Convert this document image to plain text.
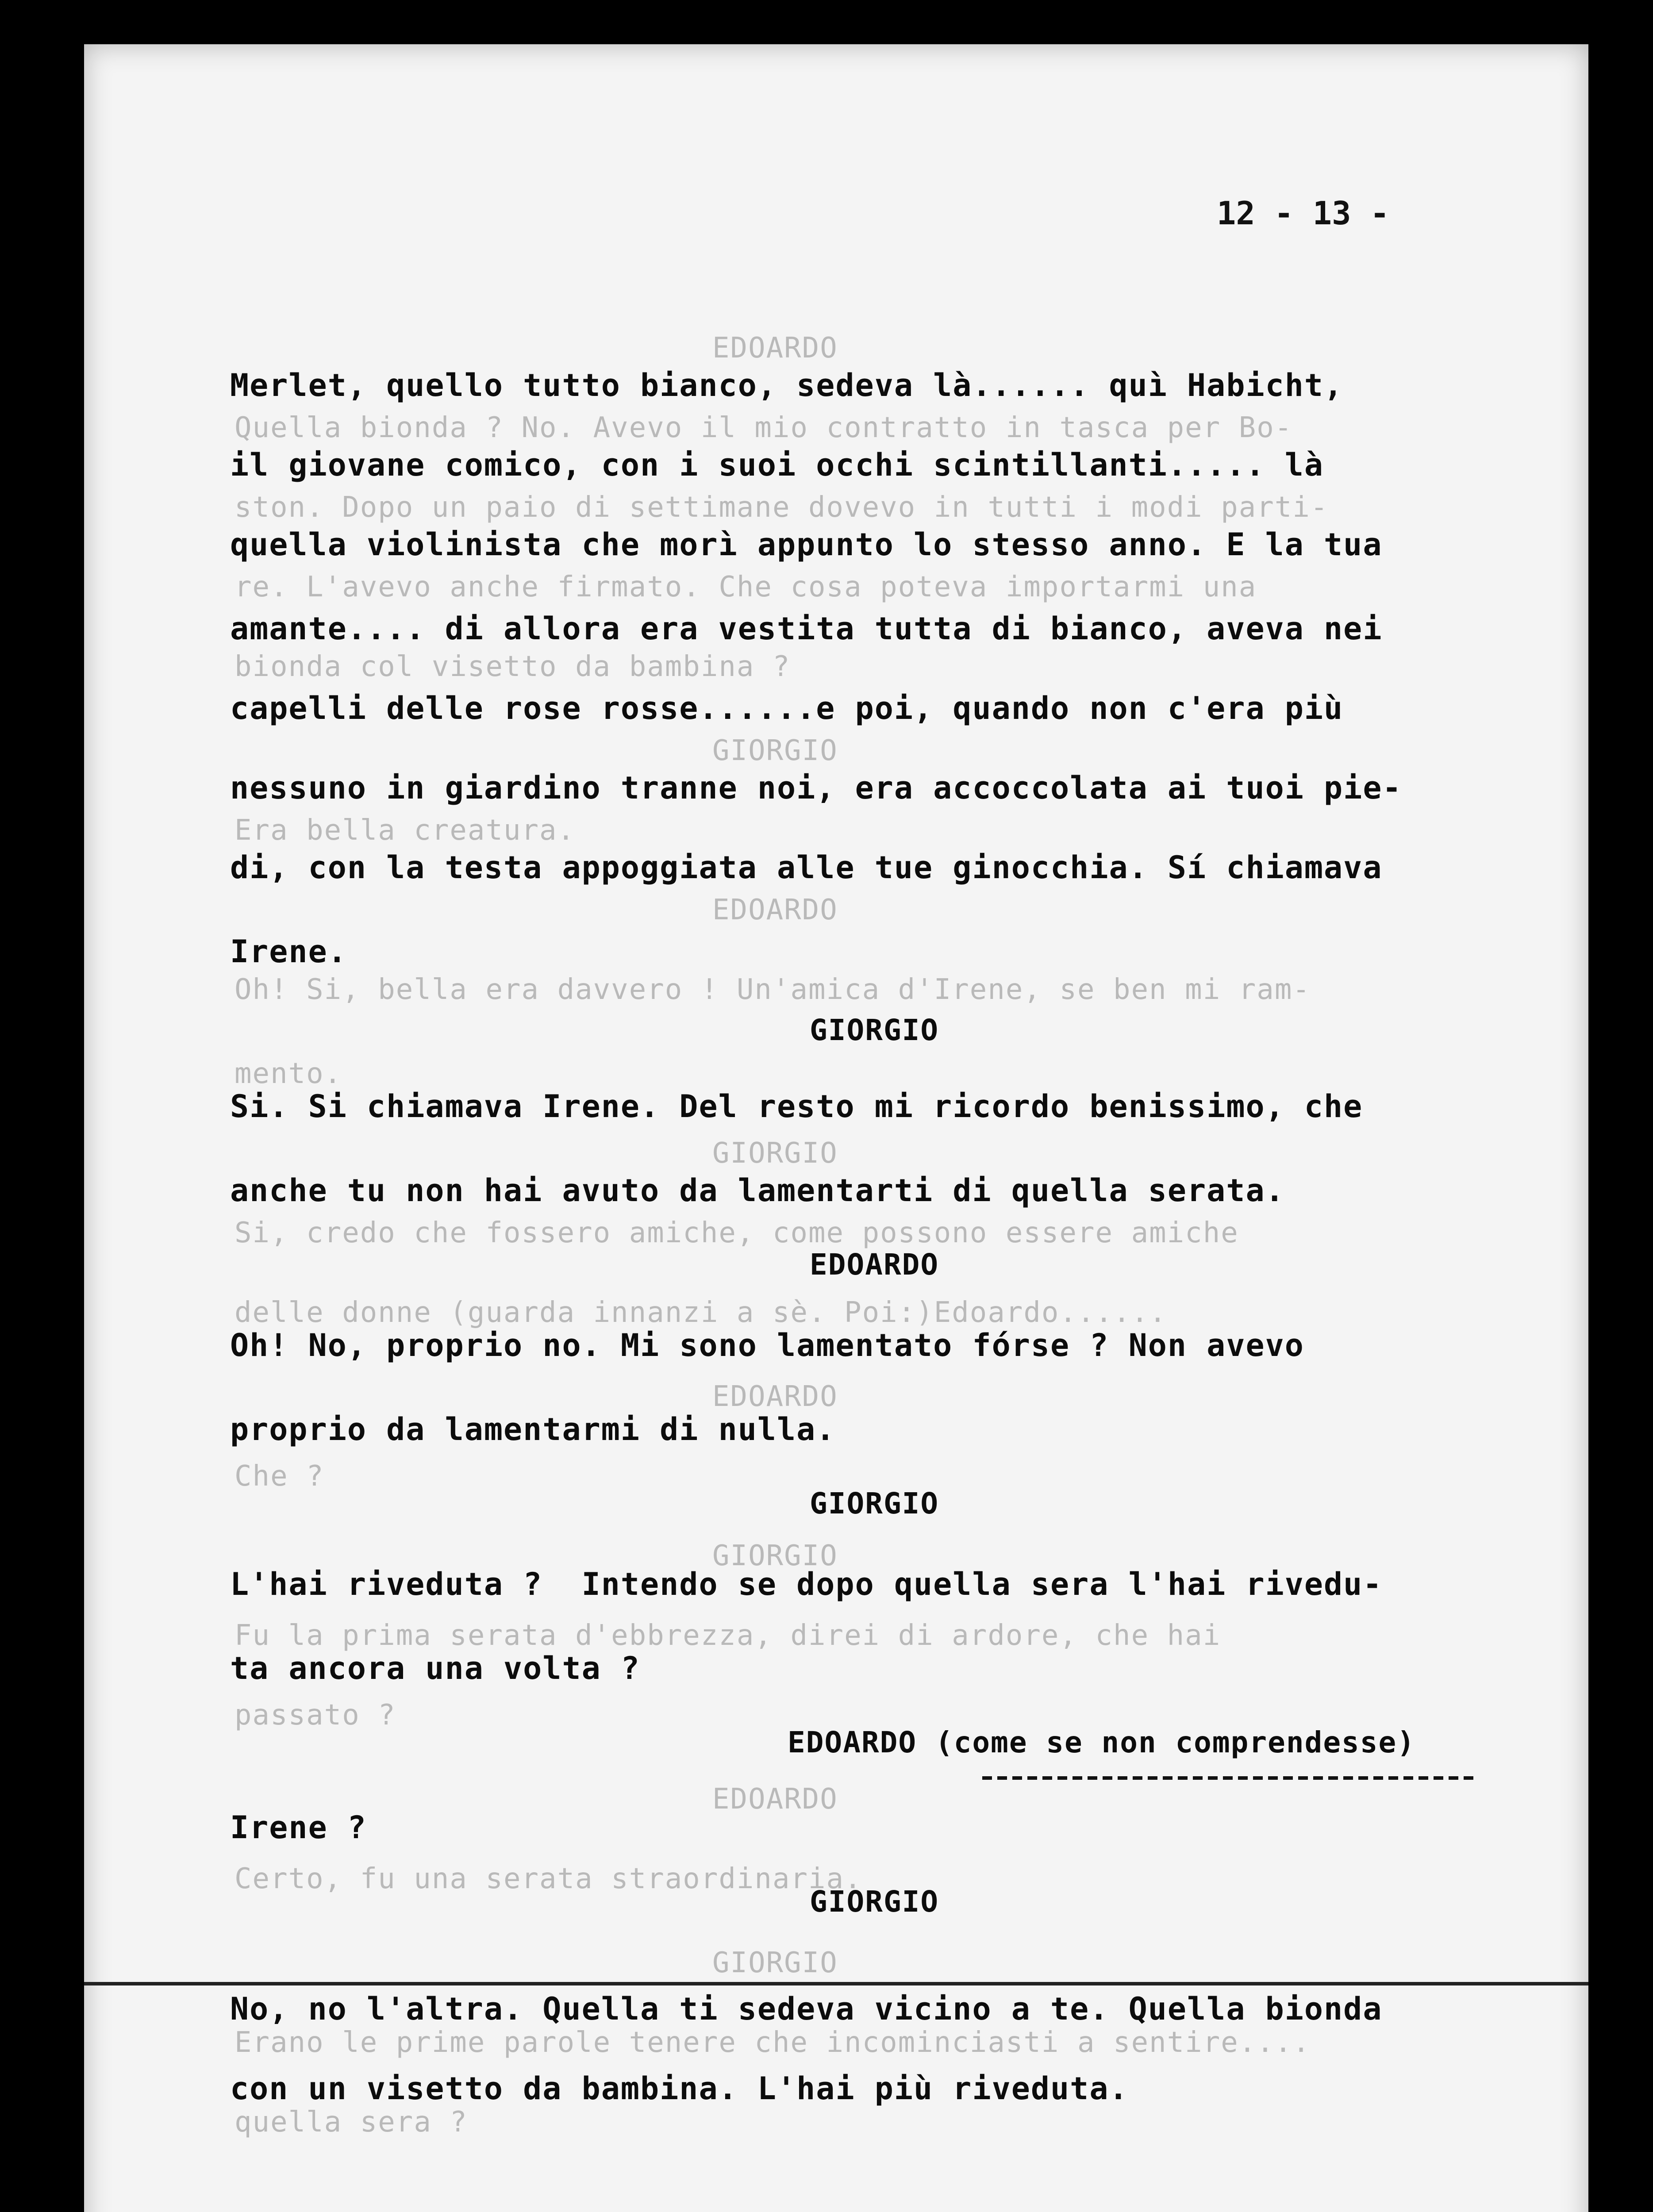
12 - 13 -
EDOARDO
Quella bionda ? No. Avevo il mio contratto in tasca per Bo-
ston. Dopo un paio di settimane dovevo in tutti i modi parti-
re. L'avevo anche firmato. Che cosa poteva importarmi una
bionda col visetto da bambina ?
GIORGIO
Era bella creatura.
EDOARDO
Oh! Si, bella era davvero ! Un'amica d'Irene, se ben mi ram-
mento.
GIORGIO
Si, credo che fossero amiche, come possono essere amiche
delle donne (guarda innanzi a sè. Poi:)Edoardo......
EDOARDO
Che ?
GIORGIO
Fu la prima serata d'ebbrezza, direi di ardore, che hai
passato ?
EDOARDO
Certo, fu una serata straordinaria.
GIORGIO
Erano le prime parole tenere che incominciasti a sentire....
quella sera ?
Merlet, quello tutto bianco, sedeva là...... quì Habicht,
il giovane comico, con i suoi occhi scintillanti..... là
quella violinista che morì appunto lo stesso anno. E la tua
amante.... di allora era vestita tutta di bianco, aveva nei
capelli delle rose rosse......e poi, quando non c'era più
nessuno in giardino tranne noi, era accoccolata ai tuoi pie-
di, con la testa appoggiata alle tue ginocchia. Sí chiamava
Irene.
GIORGIO
Si. Si chiamava Irene. Del resto mi ricordo benissimo, che
anche tu non hai avuto da lamentarti di quella serata.
EDOARDO
Oh! No, proprio no. Mi sono lamentato fórse ? Non avevo
proprio da lamentarmi di nulla.
GIORGIO
L'hai riveduta ?  Intendo se dopo quella sera l'hai rivedu-
ta ancora una volta ?
EDOARDO (come se non comprendesse)
Irene ?
GIORGIO
No, no l'altra. Quella ti sedeva vicino a te. Quella bionda
con un visetto da bambina. L'hai più riveduta.
